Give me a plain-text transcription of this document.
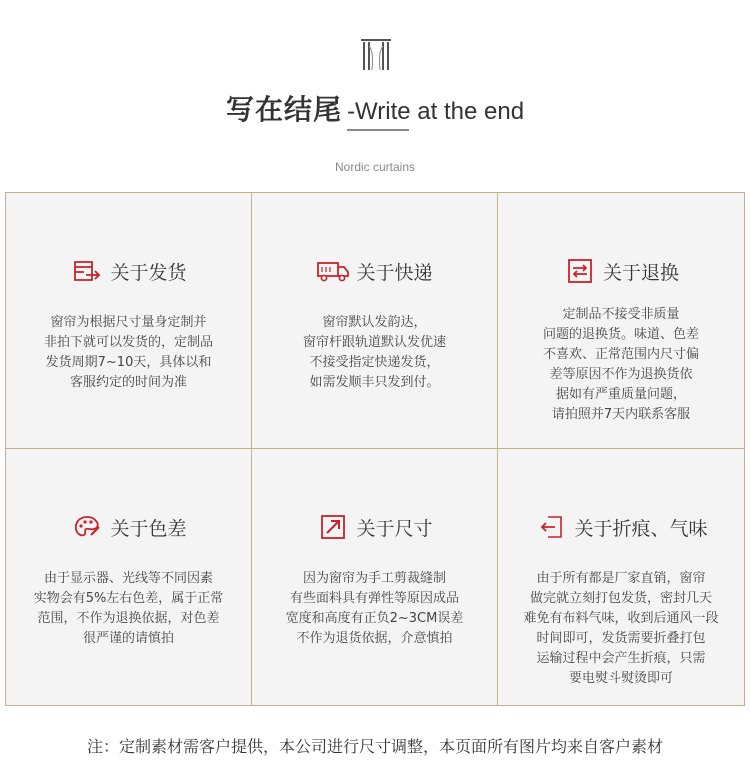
写在结尾 -Write at the end
Nordic curtains
关于发货
窗帘为根据尺寸量身定制并
非拍下就可以发货的，定制品
发货周期7~10天，具体以和
客服约定的时间为准
关于快递
窗帘默认发韵达，
窗帘杆跟轨道默认发优速
不接受指定快递发货，
如需发顺丰只发到付。
关于退换
定制品不接受非质量
问题的退换货。味道、色差
不喜欢、正常范围内尺寸偏
差等原因不作为退换货依
据如有严重质量问题，
请拍照并7天内联系客服
关于色差
由于显示器、光线等不同因素
实物会有5%左右色差，属于正常
范围，不作为退换依据，对色差
很严谨的请慎拍
关于尺寸
因为窗帘为手工剪裁缝制
有些面料具有弹性等原因成品
宽度和高度有正负2~3CM误差
不作为退货依据，介意慎拍
关于折痕、气味
由于所有都是厂家直销，窗帘
做完就立刻打包发货，密封几天
难免有布料气味，收到后通风一段
时间即可，发货需要折叠打包
运输过程中会产生折痕，只需
要电熨斗熨烫即可
注：定制素材需客户提供，本公司进行尺寸调整，本页面所有图片均来自客户素材
